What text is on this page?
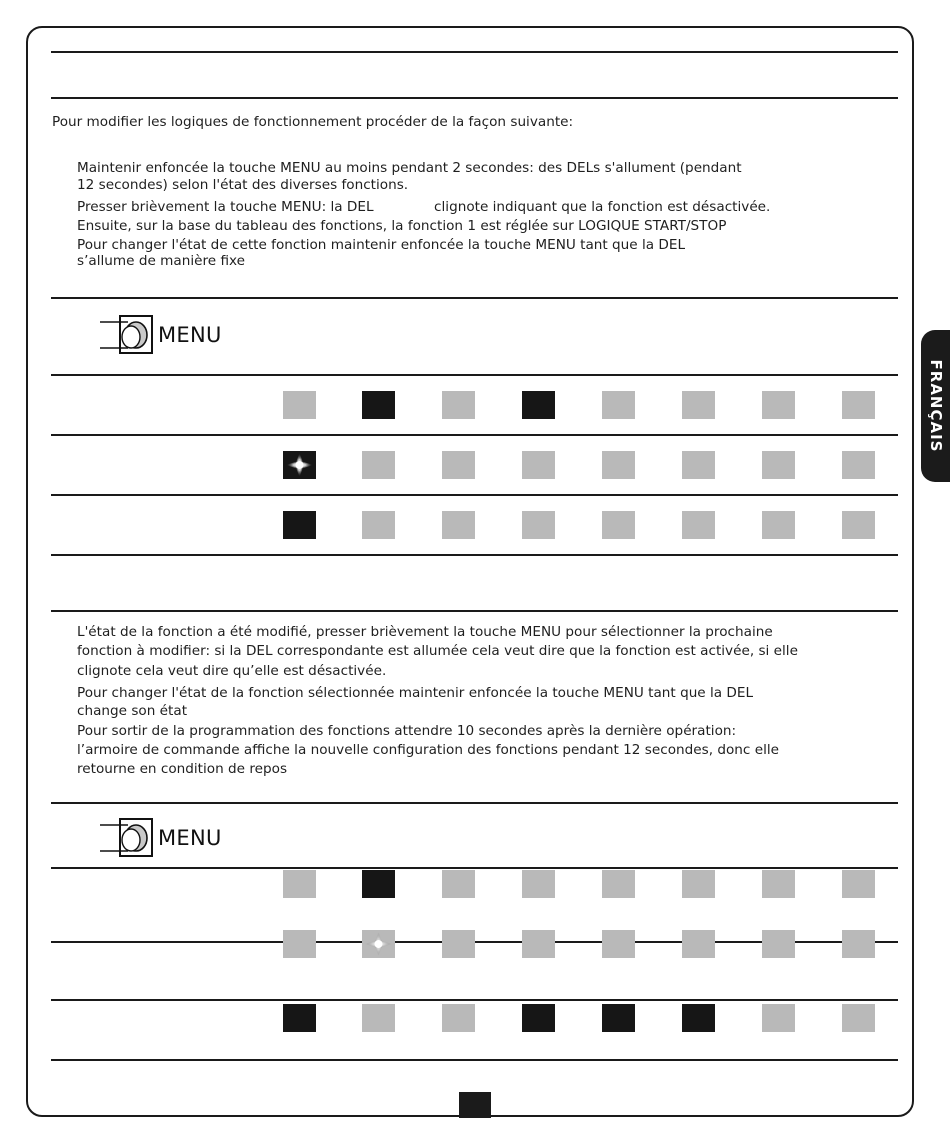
Pour modifier les logiques de fonctionnement procéder de la façon suivante:
Maintenir enfoncée la touche MENU au moins pendant 2 secondes: des DELs s'allument (pendant
12 secondes) selon l'état des diverses fonctions.
Presser brièvement la touche MENU: la DEL              clignote indiquant que la fonction est désactivée.
Ensuite, sur la base du tableau des fonctions, la fonction 1 est réglée sur LOGIQUE START/STOP
Pour changer l'état de cette fonction maintenir enfoncée la touche MENU tant que la DEL
s’allume de manière fixe
MENU
L'état de la fonction a été modifié, presser brièvement la touche MENU pour sélectionner la prochaine
fonction à modifier: si la DEL correspondante est allumée cela veut dire que la fonction est activée, si elle
clignote cela veut dire qu’elle est désactivée.
Pour changer l'état de la fonction sélectionnée maintenir enfoncée la touche MENU tant que la DEL
change son état
Pour sortir de la programmation des fonctions attendre 10 secondes après la dernière opération:
l’armoire de commande affiche la nouvelle configuration des fonctions pendant 12 secondes, donc elle
retourne en condition de repos
MENU
FRANÇAIS
